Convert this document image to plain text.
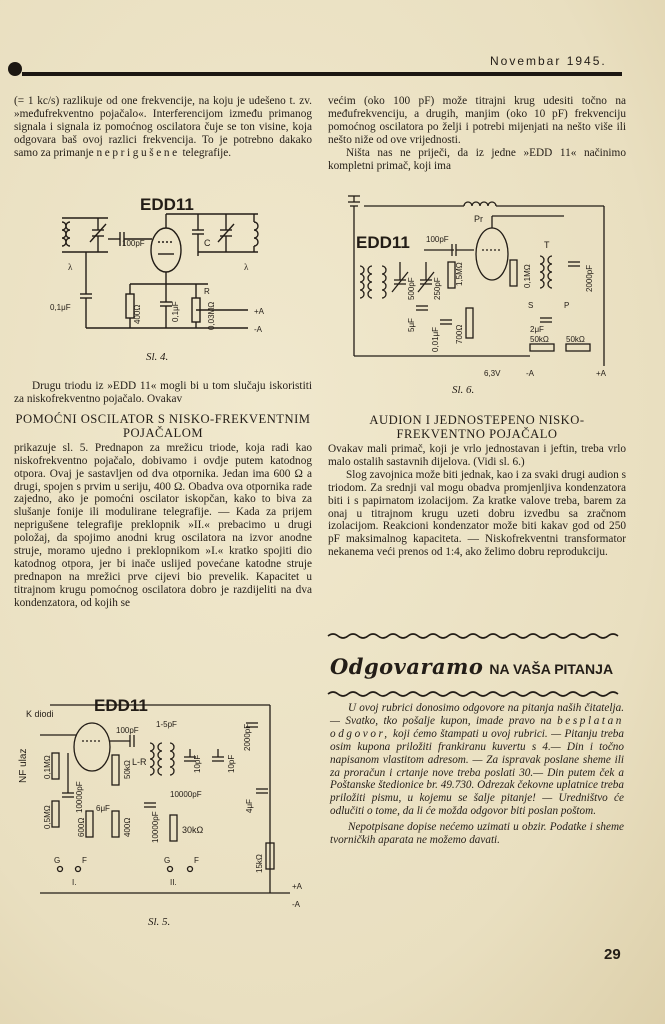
Novembar 1945.

(= 1 kc/s) razlikuje od one frekvencije, na koju je udešeno t. zv. »međufrekventno pojačalo«. Interferencijom između primanog signala i signala iz pomoćnog oscilatora čuje se ton visine, koja odgovara baš ovoj razlici frekvencija. To je potrebno dakako samo za primanje neprigušene telegrafije.

EDD11
100pF	C
λ	λ
400Ω	0,1μF
R
0,03MΩ	+A
0,1μF
-A
Sl. 4.

Drugu triodu iz »EDD 11« mogli bi u tom slučaju iskoristiti za niskofrekventno pojačalo. Ovakav

POMOĆNI OSCILATOR S NISKO-FREKVENTNIM POJAČALOM

prikazuje sl. 5. Prednapon za mrežicu triode, koja radi kao niskofrekventno pojačalo, dobivamo i ovdje putem katodnog otpora. Ovaj je sastavljen od dva otpornika. Jedan ima 600 Ω a drugi, spojen s prvim u seriju, 400 Ω. Obadva ova otpornika rade zajedno, ako je pomoćni oscilator iskopčan, kako to biva za slušanje fonije ili modulirane telegrafije. — Kada za prijem neprigušene telegrafije preklopnik »II.« prebacimo u drugi položaj, da spojimo anodni krug oscilatora na izvor anodne struje, moramo ujedno i preklopnikom »I.« kratko spojiti dio katodnog otpora, jer bi inače uslijed povećane katodne struje prednapon na mrežici prve cijevi bio prevelik. Kapacitet u titrajnom krugu pomoćnog oscilatora dobro je razdijeliti na dva kondenzatora, od kojih se

EDD11
K diodi
NF ulaz 0,1MΩ
10000pF
0,5MΩ
100pF
1-5pF
50kΩ L-R	10pF	10pF
2000pF
600Ω
6μF
400Ω 10000pF
10000pF
30kΩ
4μF
15kΩ
G	F
I.
G	F
II.	+A
-A
Sl. 5.

većim (oko 100 pF) može titrajni krug udesiti točno na međufrekvenciju, a drugih, manjim (oko 10 pF) frekvenciju pomoćnog oscilatora po želji i potrebi mijenjati na nešto više ili nešto niže od ove vrijednosti.

Ništa nas ne priječi, da iz jedne »EDD 11« načinimo kompletni primač, koji ima

Pr
EDD11 100pF
500pF 250pF
1,5MΩ
5μF	700Ω
0,01μF
0,1MΩ
T
S	P
2000pF
2μF
50kΩ 50kΩ
6,3V	-A	+A
Sl. 6.
AUDION I JEDNOSTEPENO NISKO-FREKVENTNO POJAČALO

Ovakav mali primač, koji je vrlo jednostavan i jeftin, treba vrlo malo ostalih sastavnih dijelova. (Vidi sl. 6.)

Slog zavojnica može biti jednak, kao i za svaki drugi audion s triodom. Za srednji val mogu obadva promjenljiva kondenzatora biti i s papirnatom izolacijom. Za kratke valove treba, barem za onaj u titrajnom krugu uzeti dobru izvedbu sa zračnom izolacijom. Reakcioni kondenzator može biti kakav god od 250 pF maksimalnog kapaciteta. — Niskofrekventni transformator nekanema veći prenos od 1:4, ako želimo dobru reprodukciju.

Odgovaramo NA VAŠA PITANJA

U ovoj rubrici donosimo odgovore na pitanja naših čitatelja. — Svatko, tko pošalje kupon, imade pravo na besplatan odgovor, koji ćemo štampati u ovoj rubrici. — Pitanju treba osim kupona priložiti frankiranu kuvertu s 4.— Din i točno napisanom vlastitom adresom. — Za ispravak poslane sheme ili za proračun i crtanje nove treba poslati 30.— Din putem ček a Poštanske štedionice br. 49.730. Odrezak čekovne uplatnice treba priložiti pismu, u kojemu se šalje pitanje! — Uredništvo će odlučiti o tome, da li će možda odgovor biti poslan poštom.

Nepotpisane dopise nećemo uzimati u obzir. Podatke i sheme tvorničkih aparata ne možemo davati.

29
